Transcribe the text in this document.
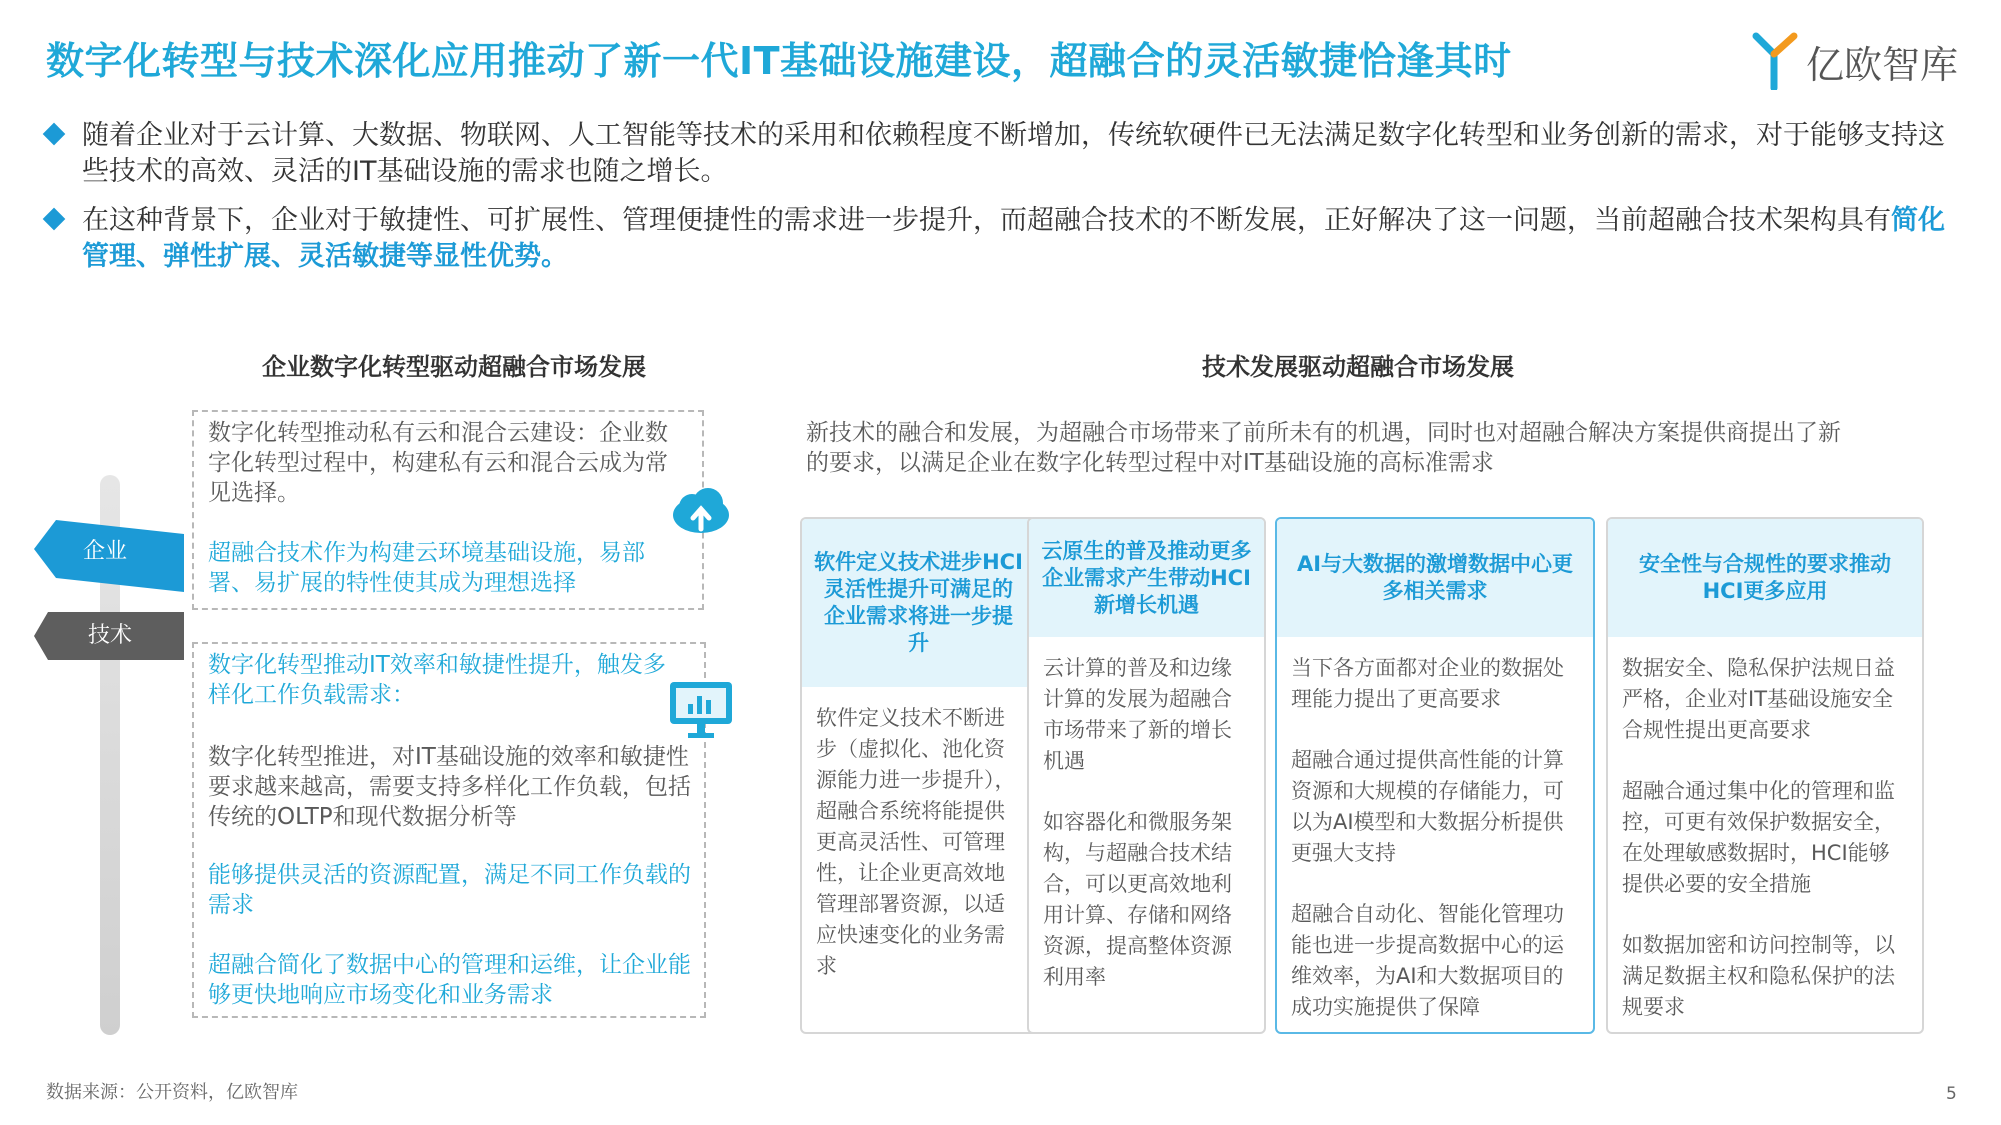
数字化转型与技术深化应用推动了新一代IT基础设施建设，超融合的灵活敏捷恰逢其时	亿欧智库
随着企业对于云计算、大数据、物联网、人工智能等技术的采用和依赖程度不断增加，传统软硬件已无法满足数字化转型和业务创新的需求，对于能够支持这些技术的高效、灵活的IT基础设施的需求也随之增长。
在这种背景下，企业对于敏捷性、可扩展性、管理便捷性的需求进一步提升，而超融合技术的不断发展，正好解决了这一问题，当前超融合技术架构具有简化管理、弹性扩展、灵活敏捷等显性优势。
企业数字化转型驱动超融合市场发展
企业
技术
数字化转型推动私有云和混合云建设：企业数字化转型过程中，构建私有云和混合云成为常见选择。
超融合技术作为构建云环境基础设施，易部署、易扩展的特性使其成为理想选择
数字化转型推动IT效率和敏捷性提升，触发多样化工作负载需求：
数字化转型推进，对IT基础设施的效率和敏捷性要求越来越高，需要支持多样化工作负载，包括传统的OLTP和现代数据分析等
能够提供灵活的资源配置，满足不同工作负载的需求
超融合简化了数据中心的管理和运维，让企业能够更快地响应市场变化和业务需求
技术发展驱动超融合市场发展
新技术的融合和发展，为超融合市场带来了前所未有的机遇，同时也对超融合解决方案提供商提出了新的要求，以满足企业在数字化转型过程中对IT基础设施的高标准需求
软件定义技术进步HCI灵活性提升可满足的企业需求将进一步提升

软件定义技术不断进步（虚拟化、池化资源能力进一步提升），超融合系统将能提供更高灵活性、可管理性，让企业更高效地管理部署资源，以适应快速变化的业务需求

云原生的普及推动更多企业需求产生带动HCI新增长机遇

云计算的普及和边缘计算的发展为超融合市场带来了新的增长机遇

如容器化和微服务架构，与超融合技术结合，可以更高效地利用计算、存储和网络资源，提高整体资源利用率

AI与大数据的激增数据中心更多相关需求

当下各方面都对企业的数据处理能力提出了更高要求

超融合通过提供高性能的计算资源和大规模的存储能力，可以为AI模型和大数据分析提供更强大支持

超融合自动化、智能化管理功能也进一步提高数据中心的运维效率，为AI和大数据项目的成功实施提供了保障

安全性与合规性的要求推动HCI更多应用

数据安全、隐私保护法规日益严格，企业对IT基础设施安全合规性提出更高要求

超融合通过集中化的管理和监控，可更有效保护数据安全，在处理敏感数据时，HCI能够提供必要的安全措施

如数据加密和访问控制等，以满足数据主权和隐私保护的法规要求

数据来源：公开资料，亿欧智库	5
